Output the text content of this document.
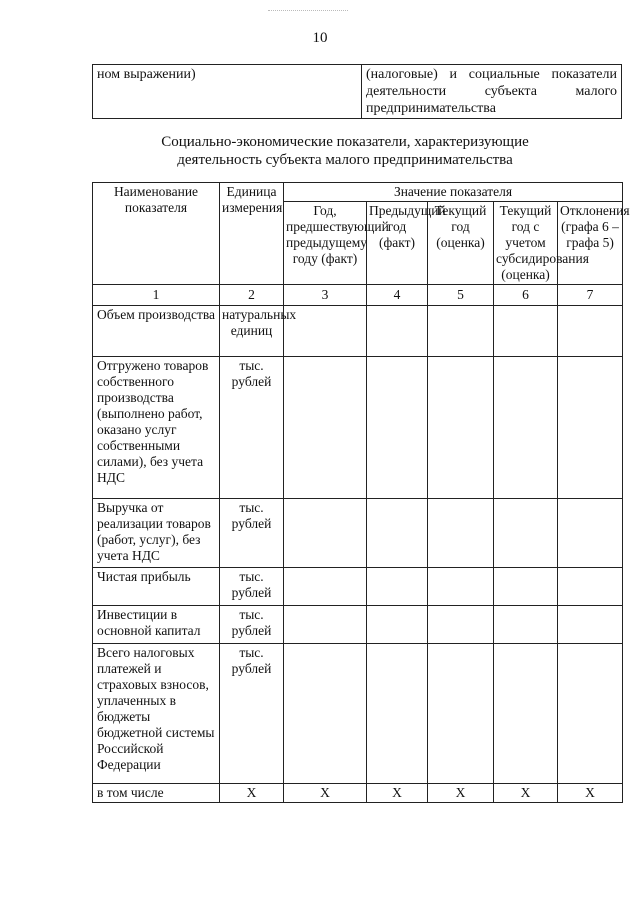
10
ном выражении)	(налоговые) и социальные показатели деятельности субъекта малого предпринимательства
Социально-экономические показатели, характеризующие
деятельность субъекта малого предпринимательства
Наименование показателя	Единица измерения	Значение показателя				
		Год, предшествующий предыдущему году (факт)	Предыдущий год (факт)	Текущий год (оценка)	Текущий год с учетом субсидирования (оценка)	Отклонения (графа 6 – графа 5)
1	2	3	4	5	6	7
Объем производства	натуральных единиц					
Отгружено товаров собственного производства (выполнено работ, оказано услуг собственными силами), без учета НДС	тыс. рублей					
Выручка от реализации товаров (работ, услуг), без учета НДС	тыс. рублей					
Чистая прибыль	тыс. рублей					
Инвестиции в основной капитал	тыс. рублей					
Всего налоговых платежей и страховых взносов, уплаченных в бюджеты бюджетной системы Российской Федерации	тыс. рублей					
в том числе	X	X	X	X	X	X
